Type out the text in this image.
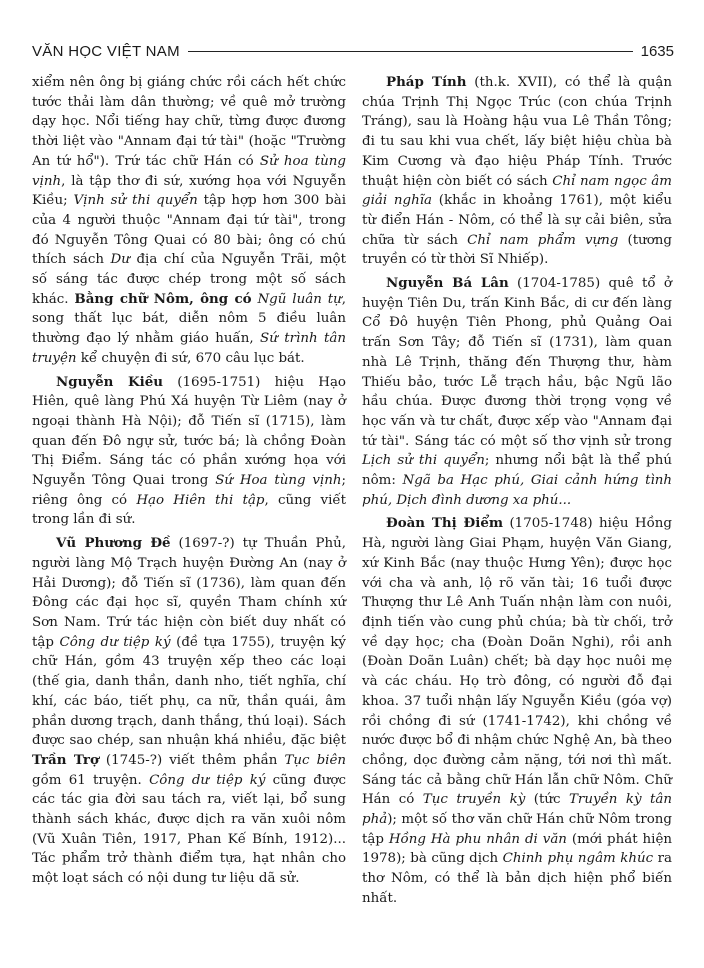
VĂN HỌC VIỆT NAM	1635

xiểm nên ông bị giáng chức rồi cách hết chức tước thải làm dân thường; về quê mở trường dạy học. Nổi tiếng hay chữ, từng được đương thời liệt vào "Annam đại tứ tài" (hoặc "Trường An tứ hổ"). Trứ tác chữ Hán có Sử hoa tùng vịnh, là tập thơ đi sứ, xướng họa với Nguyễn Kiều; Vịnh sử thi quyển tập hợp hơn 300 bài của 4 người thuộc "Annam đại tứ tài", trong đó Nguyễn Tông Quai có 80 bài; ông có chú thích sách Dư địa chí của Nguyễn Trãi, một số sáng tác được chép trong một số sách khác. Bằng chữ Nôm, ông có Ngũ luân tự, song thất lục bát, diễn nôm 5 điều luân thường đạo lý nhằm giáo huấn, Sứ trình tân truyện kể chuyện đi sứ, 670 câu lục bát.

Nguyễn Kiều (1695-1751) hiệu Hạo Hiên, quê làng Phú Xá huyện Từ Liêm (nay ở ngoại thành Hà Nội); đỗ Tiến sĩ (1715), làm quan đến Đô ngự sử, tước bá; là chồng Đoàn Thị Điểm. Sáng tác có phần xướng họa với Nguyễn Tông Quai trong Sứ Hoa tùng vịnh; riêng ông có Hạo Hiên thi tập, cũng viết trong lần đi sứ.

Vũ Phương Đề (1697-?) tự Thuần Phủ, người làng Mộ Trạch huyện Đường An (nay ở Hải Dương); đỗ Tiến sĩ (1736), làm quan đến Đông các đại học sĩ, quyền Tham chính xứ Sơn Nam. Trứ tác hiện còn biết duy nhất có tập Công dư tiệp ký (đề tựa 1755), truyện ký chữ Hán, gồm 43 truyện xếp theo các loại (thế gia, danh thần, danh nho, tiết nghĩa, chí khí, các báo, tiết phụ, ca nữ, thần quái, âm phần dương trạch, danh thắng, thú loại). Sách được sao chép, san nhuận khá nhiều, đặc biệt Trần Trợ (1745-?) viết thêm phần Tục biên gồm 61 truyện. Công dư tiệp ký cũng được các tác gia đời sau tách ra, viết lại, bổ sung thành sách khác, được dịch ra văn xuôi nôm (Vũ Xuân Tiên, 1917, Phan Kế Bính, 1912)... Tác phẩm trở thành điểm tựa, hạt nhân cho một loạt sách có nội dung tư liệu dã sử.

Pháp Tính (th.k. XVII), có thể là quận chúa Trịnh Thị Ngọc Trúc (con chúa Trịnh Tráng), sau là Hoàng hậu vua Lê Thần Tông; đi tu sau khi vua chết, lấy biệt hiệu chùa bà Kim Cương và đạo hiệu Pháp Tính. Trước thuật hiện còn biết có sách Chỉ nam ngọc âm giải nghĩa (khắc in khoảng 1761), một kiểu từ điển Hán - Nôm, có thể là sự cải biên, sửa chữa từ sách Chỉ nam phẩm vựng (tương truyền có từ thời Sĩ Nhiếp).

Nguyễn Bá Lân (1704-1785) quê tổ ở huyện Tiên Du, trấn Kinh Bắc, di cư đến làng Cổ Đô huyện Tiên Phong, phủ Quảng Oai trấn Sơn Tây; đỗ Tiến sĩ (1731), làm quan nhà Lê Trịnh, thăng đến Thượng thư, hàm Thiếu bảo, tước Lễ trạch hầu, bậc Ngũ lão hầu chúa. Được đương thời trọng vọng về học vấn và tư chất, được xếp vào "Annam đại tứ tài". Sáng tác có một số thơ vịnh sử trong Lịch sử thi quyển; nhưng nổi bật là thể phú nôm: Ngã ba Hạc phú, Giai cảnh hứng tình phú, Dịch đình dương xa phú...

Đoàn Thị Điểm (1705-1748) hiệu Hồng Hà, người làng Giai Phạm, huyện Văn Giang, xứ Kinh Bắc (nay thuộc Hưng Yên); được học với cha và anh, lộ rõ văn tài; 16 tuổi được Thượng thư Lê Anh Tuấn nhận làm con nuôi, định tiến vào cung phủ chúa; bà từ chối, trở về dạy học; cha (Đoàn Doãn Nghi), rồi anh (Đoàn Doãn Luân) chết; bà dạy học nuôi mẹ và các cháu. Họ trò đông, có người đỗ đại khoa. 37 tuổi nhận lấy Nguyễn Kiều (góa vợ) rồi chồng đi sứ (1741-1742), khi chồng về nước được bổ đi nhậm chức Nghệ An, bà theo chồng, dọc đường cảm nặng, tới nơi thì mất. Sáng tác cả bằng chữ Hán lẫn chữ Nôm. Chữ Hán có Tục truyền kỳ (tức Truyền kỳ tân phả); một số thơ văn chữ Hán chữ Nôm trong tập Hồng Hà phu nhân di văn (mới phát hiện 1978); bà cũng dịch Chinh phụ ngâm khúc ra thơ Nôm, có thể là bản dịch hiện phổ biến nhất.
